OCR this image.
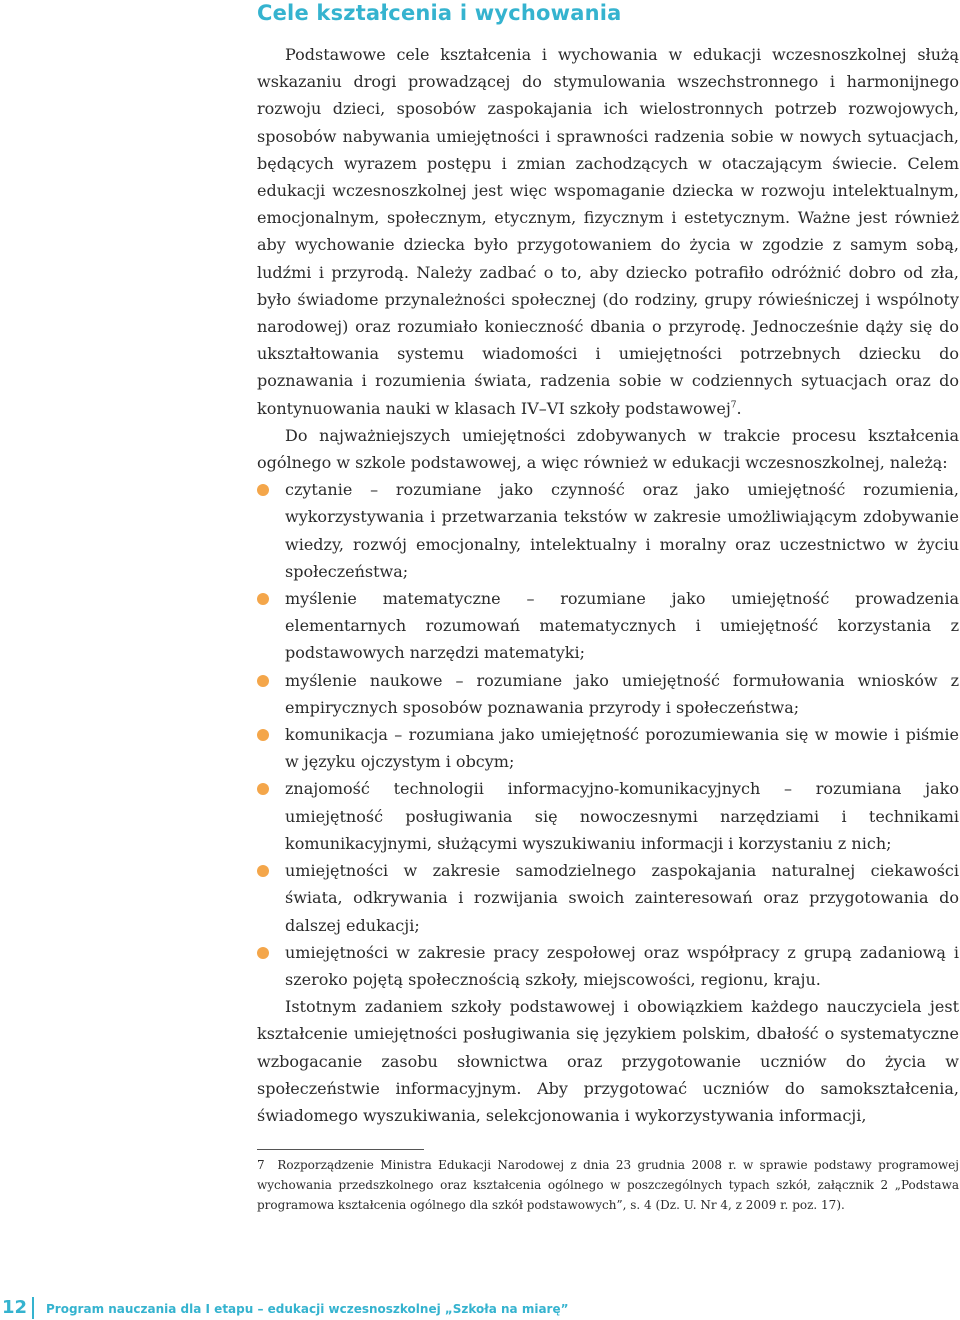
Cele kształcenia i wychowania

Podstawowe cele kształcenia i wychowania w edukacji wczesnoszkolnej służą wskazaniu drogi prowadzącej do stymulowania wszechstronnego i harmonijnego rozwoju dzieci, sposobów zaspokajania ich wielostronnych potrzeb rozwojowych, sposobów nabywania umiejętności i sprawności radzenia sobie w nowych sytuacjach, będących wyrazem postępu i zmian zachodzących w otaczającym świecie. Celem edukacji wczesnoszkolnej jest więc wspomaganie dziecka w rozwoju intelektualnym, emocjonalnym, społecznym, etycznym, fizycznym i estetycznym. Ważne jest również aby wychowanie dziecka było przygotowaniem do życia w zgodzie z samym sobą, ludźmi i przyrodą. Należy zadbać o to, aby dziecko potrafiło odróżnić dobro od zła, było świadome przynależności społecznej (do rodziny, grupy rówieśniczej i wspólnoty narodowej) oraz rozumiało konieczność dbania o przyrodę. Jednocześnie dąży się do ukształtowania systemu wiadomości i umiejętności potrzebnych dziecku do poznawania i rozumienia świata, radzenia sobie w codziennych sytuacjach oraz do kontynuowania nauki w klasach IV–VI szkoły podstawowej$^7$.

Do najważniejszych umiejętności zdobywanych w trakcie procesu kształcenia ogólnego w szkole podstawowej, a więc również w edukacji wczesnoszkolnej, należą:

czytanie – rozumiane jako czynność oraz jako umiejętność rozumienia, wykorzystywania i przetwarzania tekstów w zakresie umożliwiającym zdobywanie wiedzy, rozwój emocjonalny, intelektualny i moralny oraz uczestnictwo w życiu społeczeństwa;
myślenie matematyczne – rozumiane jako umiejętność prowadzenia elementarnych rozumowań matematycznych i umiejętność korzystania z podstawowych narzędzi matematyki;
myślenie naukowe – rozumiane jako umiejętność formułowania wniosków z empirycznych sposobów poznawania przyrody i społeczeństwa;
komunikacja – rozumiana jako umiejętność porozumiewania się w mowie i piśmie w języku ojczystym i obcym;
znajomość technologii informacyjno-komunikacyjnych – rozumiana jako umiejętność posługiwania się nowoczesnymi narzędziami i technikami komunikacyjnymi, służącymi wyszukiwaniu informacji i korzystaniu z nich;
umiejętności w zakresie samodzielnego zaspokajania naturalnej ciekawości świata, odkrywania i rozwijania swoich zainteresowań oraz przygotowania do dalszej edukacji;
umiejętności w zakresie pracy zespołowej oraz współpracy z grupą zadaniową i szeroko pojętą społecznością szkoły, miejscowości, regionu, kraju.

Istotnym zadaniem szkoły podstawowej i obowiązkiem każdego nauczyciela jest kształcenie umiejętności posługiwania się językiem polskim, dbałość o systematyczne wzbogacanie zasobu słownictwa oraz przygotowanie uczniów do życia w społeczeństwie informacyjnym. Aby przygotować uczniów do samokształcenia, świadomego wyszukiwania, selekcjonowania i wykorzystywania informacji,

7 Rozporządzenie Ministra Edukacji Narodowej z dnia 23 grudnia 2008 r. w sprawie podstawy programowej wychowania przedszkolnego oraz kształcenia ogólnego w poszczególnych typach szkół, załącznik 2 „Podstawa programowa kształcenia ogólnego dla szkół podstawowych”, s. 4 (Dz. U. Nr 4, z 2009 r. poz. 17).

12 Program nauczania dla I etapu – edukacji wczesnoszkolnej „Szkoła na miarę”
